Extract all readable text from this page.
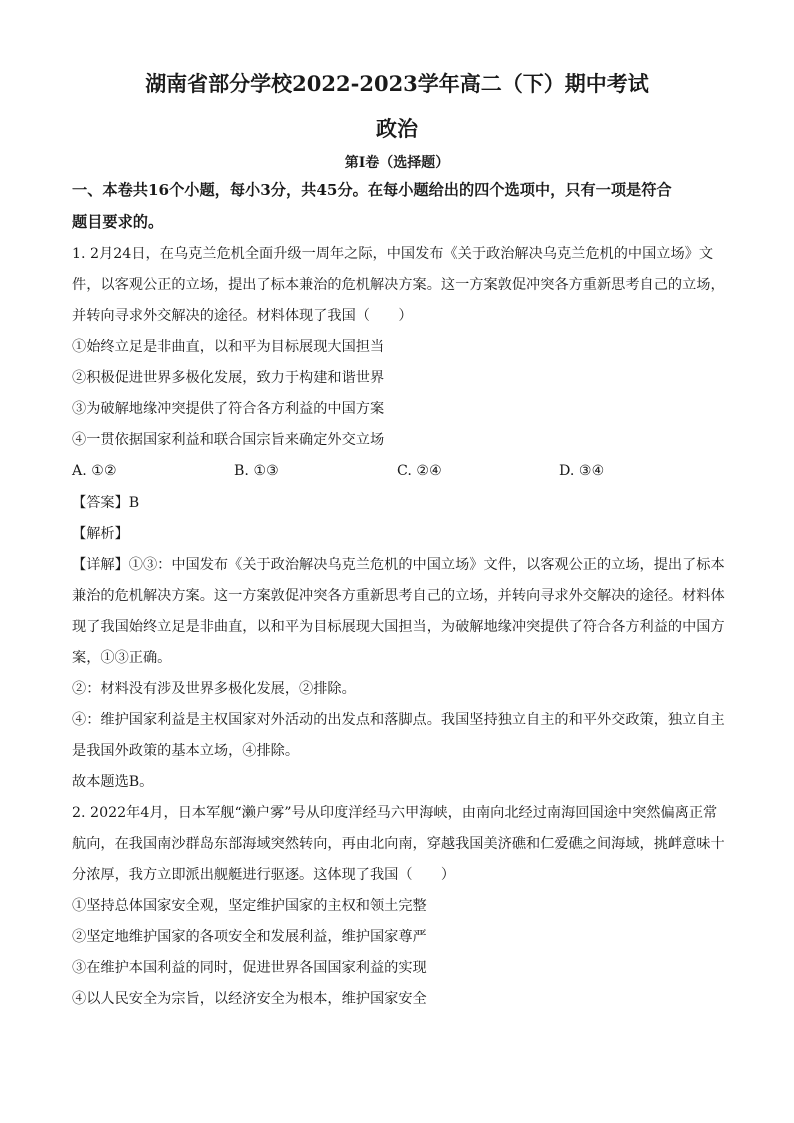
湖南省部分学校2022-2023学年高二（下）期中考试
政治
第Ⅰ卷（选择题）
一、本卷共16个小题，每小3分，共45分。在每小题给出的四个选项中，只有一项是符合
题目要求的。
1. 2月24日，在乌克兰危机全面升级一周年之际，中国发布《关于政治解决乌克兰危机的中国立场》文
件，以客观公正的立场，提出了标本兼治的危机解决方案。这一方案敦促冲突各方重新思考自己的立场，
并转向寻求外交解决的途径。材料体现了我国（　　）
①始终立足是非曲直，以和平为目标展现大国担当
②积极促进世界多极化发展，致力于构建和谐世界
③为破解地缘冲突提供了符合各方利益的中国方案
④一贯依据国家利益和联合国宗旨来确定外交立场
A. ①②	B. ①③	C. ②④	D. ③④
【答案】B
【解析】
【详解】①③：中国发布《关于政治解决乌克兰危机的中国立场》文件，以客观公正的立场，提出了标本
兼治的危机解决方案。这一方案敦促冲突各方重新思考自己的立场，并转向寻求外交解决的途径。材料体
现了我国始终立足是非曲直，以和平为目标展现大国担当，为破解地缘冲突提供了符合各方利益的中国方
案，①③正确。
②：材料没有涉及世界多极化发展，②排除。
④：维护国家利益是主权国家对外活动的出发点和落脚点。我国坚持独立自主的和平外交政策，独立自主
是我国外政策的基本立场，④排除。
故本题选B。
2. 2022年4月，日本军舰“濑户雾”号从印度洋经马六甲海峡，由南向北经过南海回国途中突然偏离正常
航向，在我国南沙群岛东部海域突然转向，再由北向南，穿越我国美济礁和仁爱礁之间海域，挑衅意味十
分浓厚，我方立即派出舰艇进行驱逐。这体现了我国（　　）
①坚持总体国家安全观，坚定维护国家的主权和领土完整
②坚定地维护国家的各项安全和发展利益，维护国家尊严
③在维护本国利益的同时，促进世界各国国家利益的实现
④以人民安全为宗旨，以经济安全为根本，维护国家安全
